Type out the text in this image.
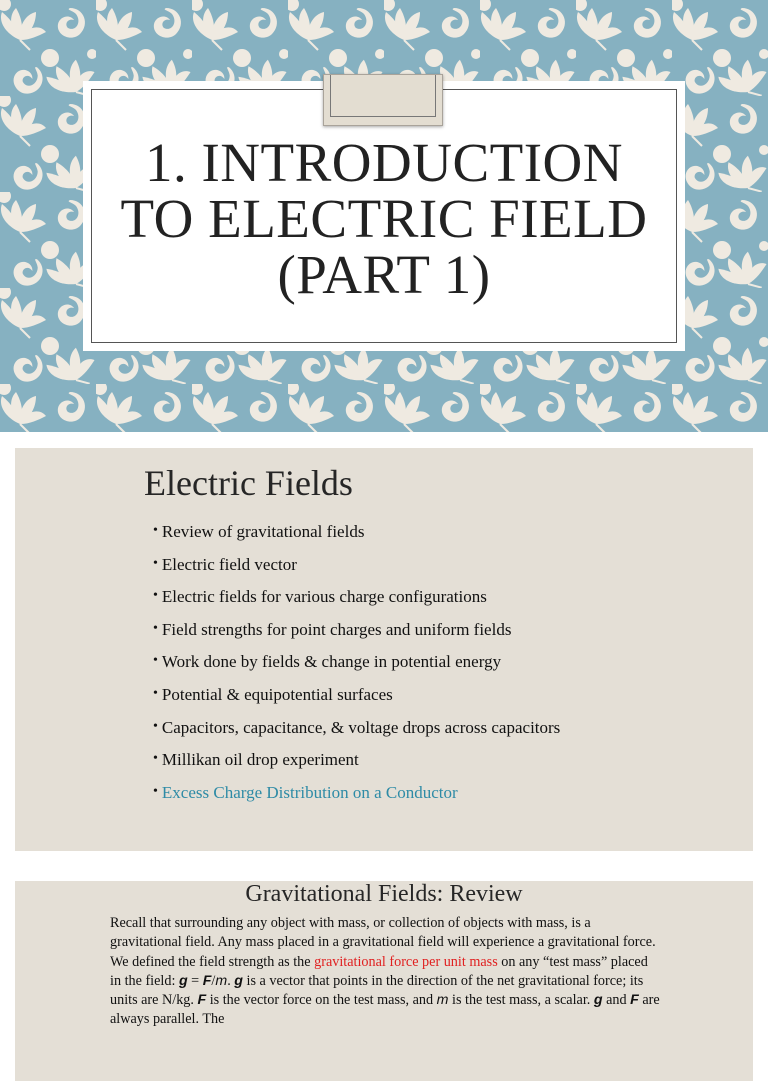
1. INTRODUCTION
TO ELECTRIC FIELD
(PART 1)
Electric Fields
• Review of gravitational fields
• Electric field vector
• Electric fields for various charge configurations
• Field strengths for point charges and uniform fields
• Work done by fields & change in potential energy
• Potential & equipotential surfaces
• Capacitors, capacitance, & voltage drops across capacitors
• Millikan oil drop experiment
• Excess Charge Distribution on a Conductor
Gravitational Fields: Review

Recall that surrounding any object with mass, or collection of objects with mass, is a gravitational field. Any mass placed in a gravitational field will experience a gravitational force. We defined the field strength as the gravitational force per unit mass on any “test mass” placed in the field: g = F/m. g is a vector that points in the direction of the net gravitational force; its units are N/kg. F is the vector force on the test mass, and m is the test mass, a scalar. g and F are always parallel. The
